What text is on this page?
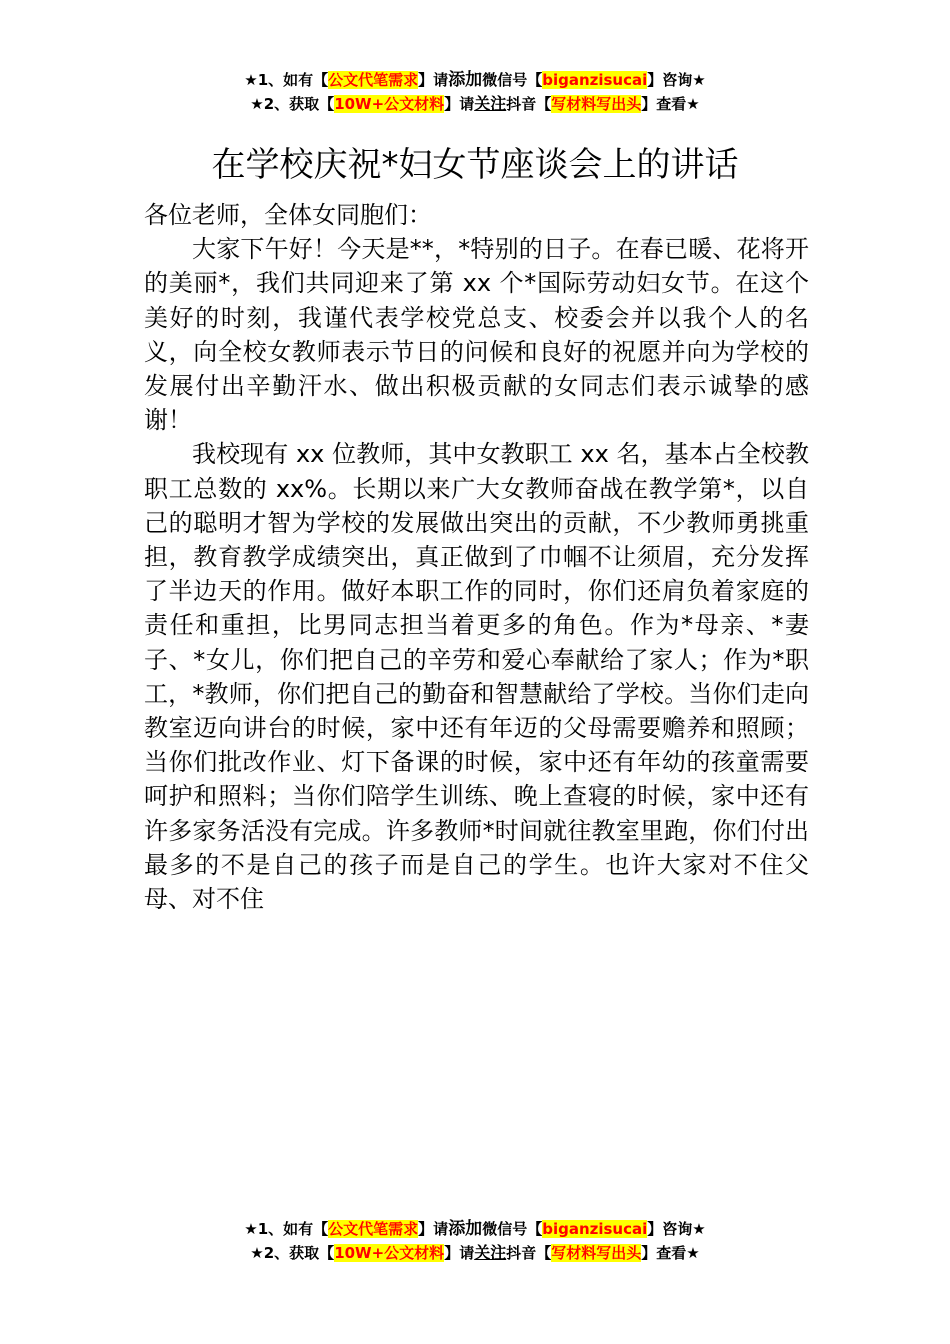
★1、如有【公文代笔需求】请添加微信号【biganzisucai】咨询★
★2、获取【10W+公文材料】请关注抖音【写材料写出头】查看★
在学校庆祝*妇女节座谈会上的讲话

各位老师，全体女同胞们：

大家下午好！今天是**，*特别的日子。在春已暖、花将开的美丽*，我们共同迎来了第 xx 个*国际劳动妇女节。在这个美好的时刻，我谨代表学校党总支、校委会并以我个人的名义，向全校女教师表示节日的问候和良好的祝愿并向为学校的发展付出辛勤汗水、做出积极贡献的女同志们表示诚挚的感谢！

我校现有 xx 位教师，其中女教职工 xx 名，基本占全校教职工总数的 xx%。长期以来广大女教师奋战在教学第*，以自己的聪明才智为学校的发展做出突出的贡献，不少教师勇挑重担，教育教学成绩突出，真正做到了巾帼不让须眉，充分发挥了半边天的作用。做好本职工作的同时，你们还肩负着家庭的责任和重担，比男同志担当着更多的角色。作为*母亲、*妻子、*女儿，你们把自己的辛劳和爱心奉献给了家人；作为*职工，*教师，你们把自己的勤奋和智慧献给了学校。当你们走向教室迈向讲台的时候，家中还有年迈的父母需要赡养和照顾；当你们批改作业、灯下备课的时候，家中还有年幼的孩童需要呵护和照料；当你们陪学生训练、晚上查寝的时候，家中还有许多家务活没有完成。许多教师*时间就往教室里跑，你们付出最多的不是自己的孩子而是自己的学生。也许大家对不住父母、对不住

★1、如有【公文代笔需求】请添加微信号【biganzisucai】咨询★
★2、获取【10W+公文材料】请关注抖音【写材料写出头】查看★
